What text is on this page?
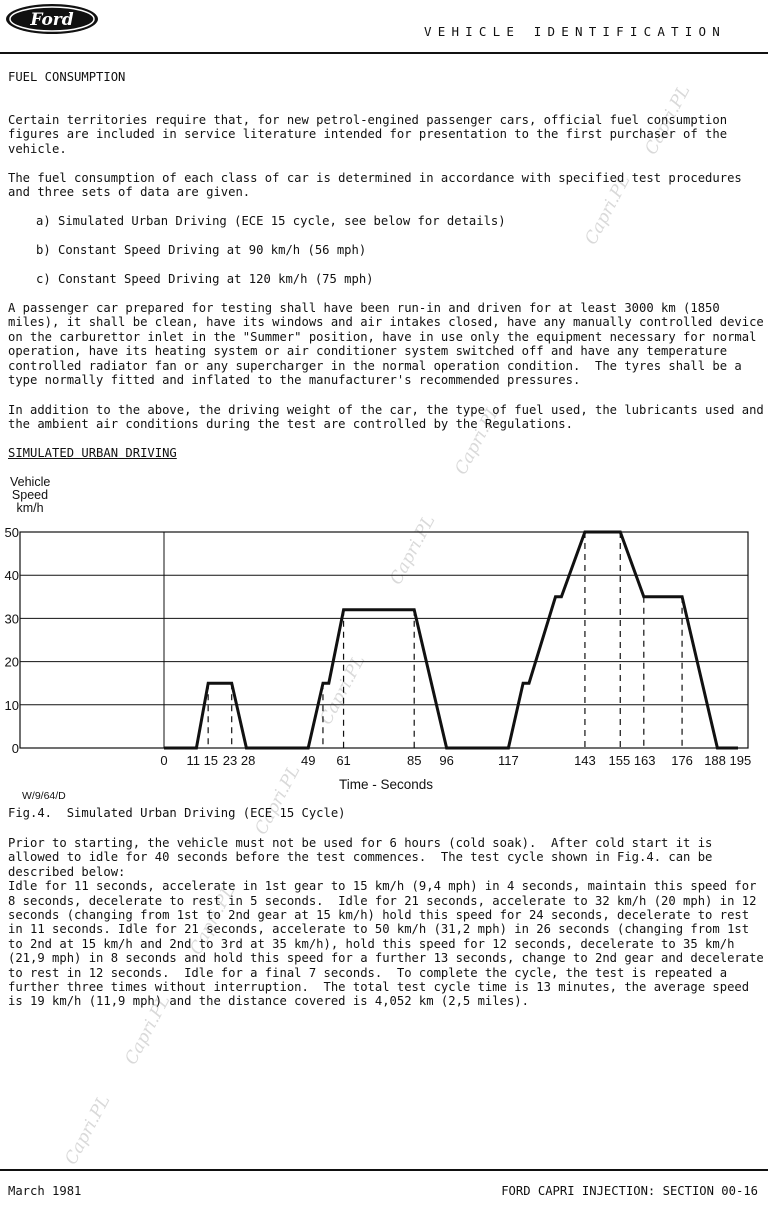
Ford
VEHICLE IDENTIFICATION
Capri.PL
Capri.PL
Capri.PL
Capri.PL
Capri.PL
Capri.PL
Capri.PL
Capri.PL
Capri.PL
FUEL CONSUMPTION
Certain territories require that, for new petrol-engined passenger cars, official fuel consumption
figures are included in service literature intended for presentation to the first purchaser of the
vehicle.
The fuel consumption of each class of car is determined in accordance with specified test procedures
and three sets of data are given.
a) Simulated Urban Driving (ECE 15 cycle, see below for details)
b) Constant Speed Driving at 90 km/h (56 mph)
c) Constant Speed Driving at 120 km/h (75 mph)
A passenger car prepared for testing shall have been run-in and driven for at least 3000 km (1850
miles), it shall be clean, have its windows and air intakes closed, have any manually controlled device
on the carburettor inlet in the "Summer" position, have in use only the equipment necessary for normal
operation, have its heating system or air conditioner system switched off and have any temperature
controlled radiator fan or any supercharger in the normal operation condition.  The tyres shall be a
type normally fitted and inflated to the manufacturer's recommended pressures.
In addition to the above, the driving weight of the car, the type of fuel used, the lubricants used and
the ambient air conditions during the test are controlled by the Regulations.
SIMULATED URBAN DRIVING
Vehicle Speed km/h
0
10
20
30
40
50
0 11 15 23 28	49 61	85 96	117	143 155 163 176 188 195
Time - Seconds
W/9/64/D
Fig.4.  Simulated Urban Driving (ECE 15 Cycle)
Prior to starting, the vehicle must not be used for 6 hours (cold soak).  After cold start it is
allowed to idle for 40 seconds before the test commences.  The test cycle shown in Fig.4. can be
described below:
Idle for 11 seconds, accelerate in 1st gear to 15 km/h (9,4 mph) in 4 seconds, maintain this speed for
8 seconds, decelerate to rest in 5 seconds.  Idle for 21 seconds, accelerate to 32 km/h (20 mph) in 12
seconds (changing from 1st to 2nd gear at 15 km/h) hold this speed for 24 seconds, decelerate to rest
in 11 seconds. Idle for 21 seconds, accelerate to 50 km/h (31,2 mph) in 26 seconds (changing from 1st
to 2nd at 15 km/h and 2nd to 3rd at 35 km/h), hold this speed for 12 seconds, decelerate to 35 km/h
(21,9 mph) in 8 seconds and hold this speed for a further 13 seconds, change to 2nd gear and decelerate
to rest in 12 seconds.  Idle for a final 7 seconds.  To complete the cycle, the test is repeated a
further three times without interruption.  The total test cycle time is 13 minutes, the average speed
is 19 km/h (11,9 mph) and the distance covered is 4,052 km (2,5 miles).
March 1981	FORD CAPRI INJECTION: SECTION 00-16
